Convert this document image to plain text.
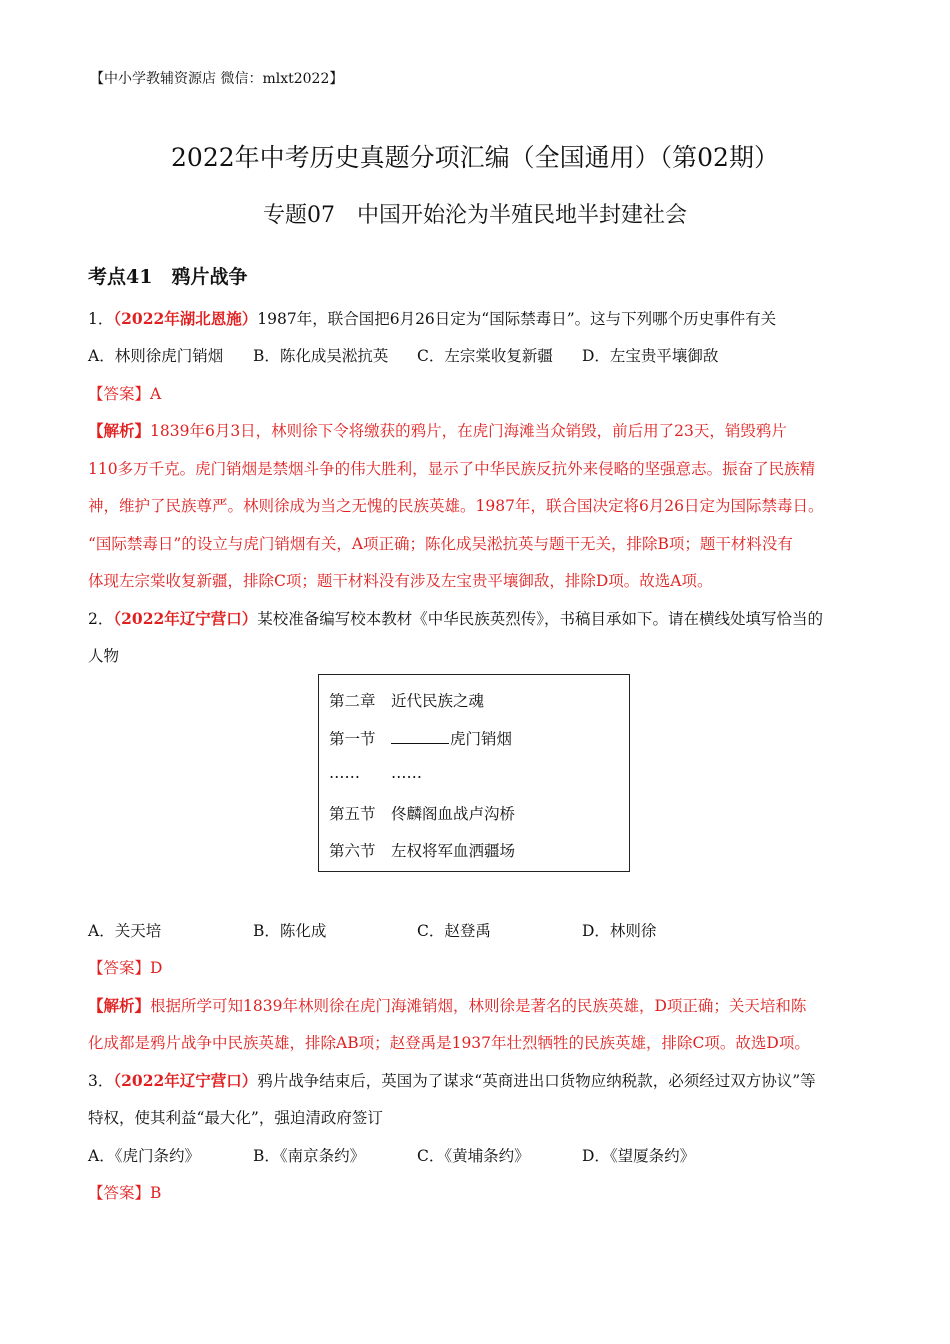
【中小学教辅资源店 微信：mlxt2022】
2022年中考历史真题分项汇编（全国通用）（第02期）
专题07　中国开始沦为半殖民地半封建社会
考点41　鸦片战争
1．（2022年湖北恩施）1987年，联合国把6月26日定为“国际禁毒日”。这与下列哪个历史事件有关
A．林则徐虎门销烟 B．陈化成吴淞抗英 C．左宗棠收复新疆 D．左宝贵平壤御敌
【答案】A
【解析】1839年6月3日，林则徐下令将缴获的鸦片，在虎门海滩当众销毁，前后用了23天，销毁鸦片
110多万千克。虎门销烟是禁烟斗争的伟大胜利，显示了中华民族反抗外来侵略的坚强意志。振奋了民族精
神，维护了民族尊严。林则徐成为当之无愧的民族英雄。1987年，联合国决定将6月26日定为国际禁毒日。
“国际禁毒日”的设立与虎门销烟有关，A项正确；陈化成吴淞抗英与题干无关，排除B项；题干材料没有
体现左宗棠收复新疆，排除C项；题干材料没有涉及左宝贵平壤御敌，排除D项。故选A项。
2．（2022年辽宁营口）某校准备编写校本教材《中华民族英烈传》，书稿目承如下。请在横线处填写恰当的
人物
第二章 近代民族之魂
第一节	虎门销烟
…… ……
第五节 佟麟阁血战卢沟桥
第六节 左权将军血洒疆场
A．关天培	B．陈化成	C．赵登禹	D．林则徐
【答案】D
【解析】根据所学可知1839年林则徐在虎门海滩销烟，林则徐是著名的民族英雄，D项正确；关天培和陈
化成都是鸦片战争中民族英雄，排除AB项；赵登禹是1937年壮烈牺牲的民族英雄，排除C项。故选D项。
3．（2022年辽宁营口）鸦片战争结束后，英国为了谋求“英商进出口货物应纳税款，必须经过双方协议”等
特权，使其利益“最大化”，强迫清政府签订
A．《虎门条约》	B．《南京条约》	C．《黄埔条约》	D．《望厦条约》
【答案】B
